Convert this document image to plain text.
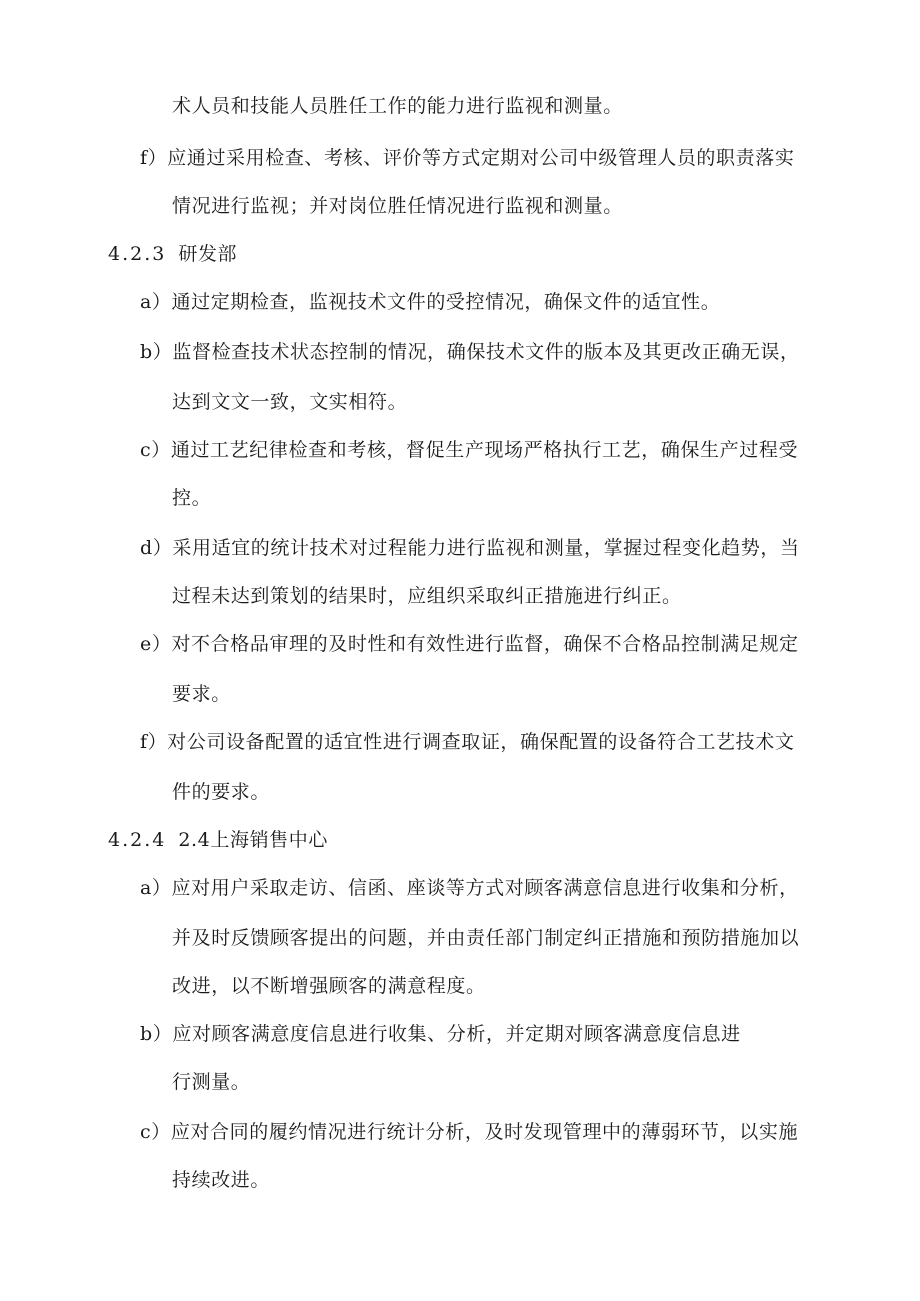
术人员和技能人员胜任工作的能力进行监视和测量。
f）应通过采用检查、考核、评价等方式定期对公司中级管理人员的职责落实
情况进行监视；并对岗位胜任情况进行监视和测量。
4.2.3 研发部
a）通过定期检查，监视技术文件的受控情况，确保文件的适宜性。
b）监督检查技术状态控制的情况，确保技术文件的版本及其更改正确无误，
达到文文一致，文实相符。
c）通过工艺纪律检查和考核，督促生产现场严格执行工艺，确保生产过程受
控。
d）采用适宜的统计技术对过程能力进行监视和测量，掌握过程变化趋势，当
过程未达到策划的结果时，应组织采取纠正措施进行纠正。
e）对不合格品审理的及时性和有效性进行监督，确保不合格品控制满足规定
要求。
f）对公司设备配置的适宜性进行调查取证，确保配置的设备符合工艺技术文
件的要求。
4.2.4 2.4上海销售中心
a）应对用户采取走访、信函、座谈等方式对顾客满意信息进行收集和分析，
并及时反馈顾客提出的问题，并由责任部门制定纠正措施和预防措施加以
改进，以不断增强顾客的满意程度。
b）应对顾客满意度信息进行收集、分析，并定期对顾客满意度信息进
行测量。
c）应对合同的履约情况进行统计分析，及时发现管理中的薄弱环节，以实施
持续改进。
